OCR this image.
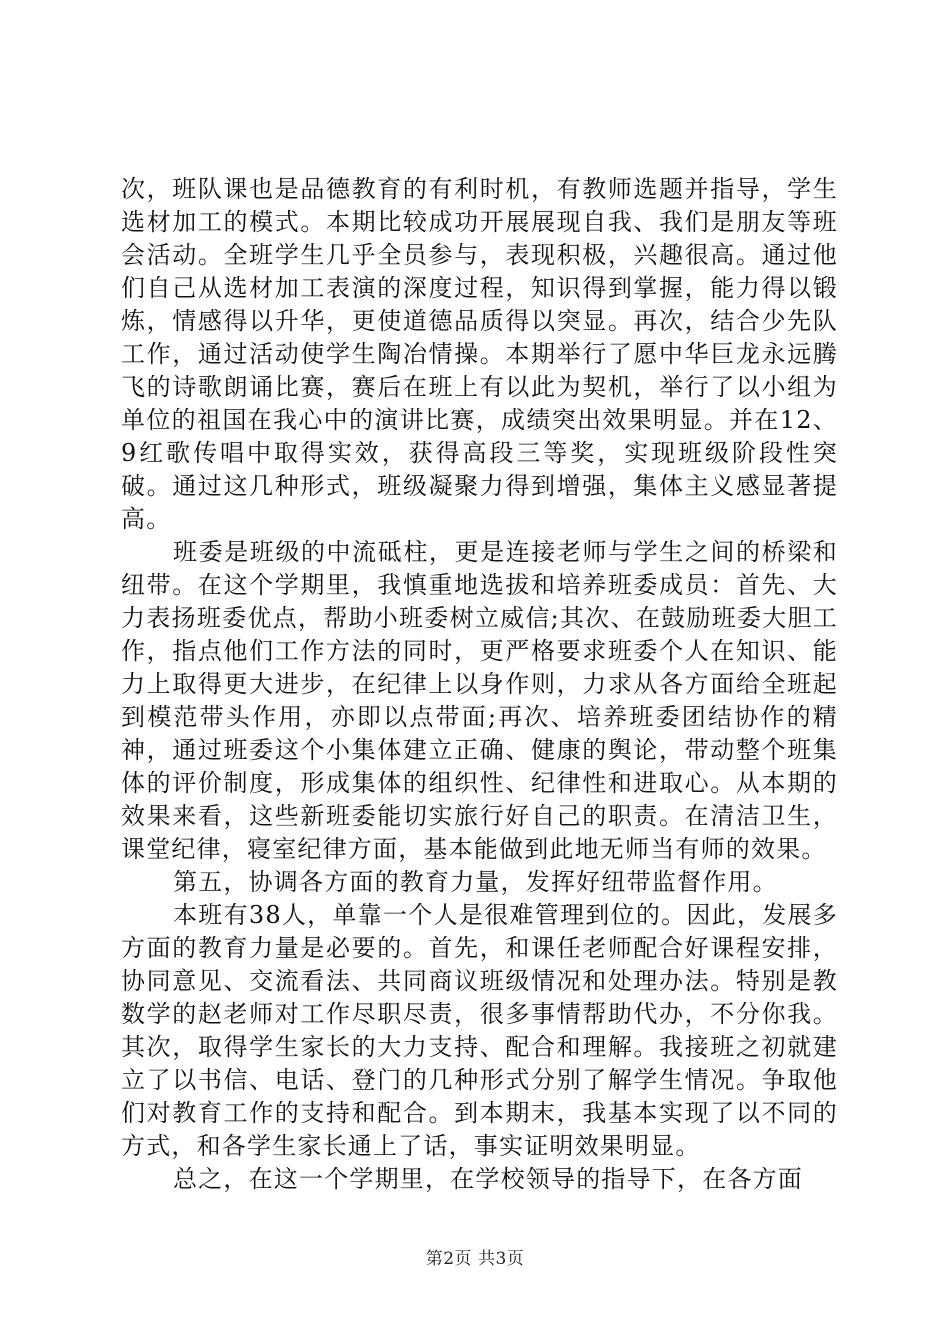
次，班队课也是品德教育的有利时机，有教师选题并指导，学生选材加工的模式。本期比较成功开展展现自我、我们是朋友等班会活动。全班学生几乎全员参与，表现积极，兴趣很高。通过他们自己从选材加工表演的深度过程，知识得到掌握，能力得以锻炼，情感得以升华，更使道德品质得以突显。再次，结合少先队工作，通过活动使学生陶冶情操。本期举行了愿中华巨龙永远腾飞的诗歌朗诵比赛，赛后在班上有以此为契机，举行了以小组为单位的祖国在我心中的演讲比赛，成绩突出效果明显。并在12、9红歌传唱中取得实效，获得高段三等奖，实现班级阶段性突破。通过这几种形式，班级凝聚力得到增强，集体主义感显著提高。

班委是班级的中流砥柱，更是连接老师与学生之间的桥梁和纽带。在这个学期里，我慎重地选拔和培养班委成员：首先、大力表扬班委优点，帮助小班委树立威信;其次、在鼓励班委大胆工作，指点他们工作方法的同时，更严格要求班委个人在知识、能力上取得更大进步，在纪律上以身作则，力求从各方面给全班起到模范带头作用，亦即以点带面;再次、培养班委团结协作的精神，通过班委这个小集体建立正确、健康的舆论，带动整个班集体的评价制度，形成集体的组织性、纪律性和进取心。从本期的效果来看，这些新班委能切实旅行好自己的职责。在清洁卫生，课堂纪律，寝室纪律方面，基本能做到此地无师当有师的效果。

第五，协调各方面的教育力量，发挥好纽带监督作用。

本班有38人，单靠一个人是很难管理到位的。因此，发展多方面的教育力量是必要的。首先，和课任老师配合好课程安排，协同意见、交流看法、共同商议班级情况和处理办法。特别是教数学的赵老师对工作尽职尽责，很多事情帮助代办，不分你我。其次，取得学生家长的大力支持、配合和理解。我接班之初就建立了以书信、电话、登门的几种形式分别了解学生情况。争取他们对教育工作的支持和配合。到本期末，我基本实现了以不同的方式，和各学生家长通上了话，事实证明效果明显。

总之，在这一个学期里，在学校领导的指导下，在各方面

第2页 共3页
